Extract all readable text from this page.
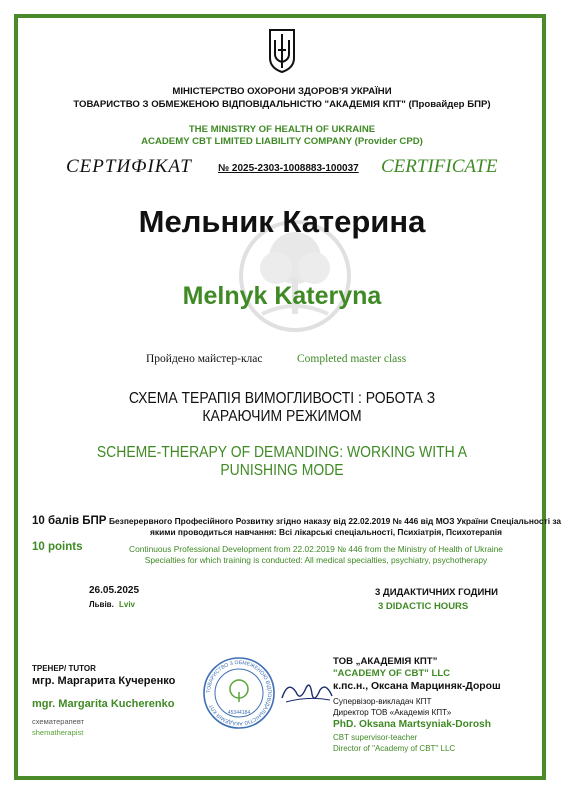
МІНІСТЕРСТВО ОХОРОНИ ЗДОРОВ'Я УКРАЇНИ
ТОВАРИСТВО З ОБМЕЖЕНОЮ ВІДПОВІДАЛЬНІСТЮ "АКАДЕМІЯ КПТ" (Провайдер БПР)
THE MINISTRY OF HEALTH OF UKRAINE
ACADEMY CBT LIMITED LIABILITY COMPANY (Provider CPD)
СЕРТИФІКАТ	№ 2025-2303-1008883-100037 CERTIFICATE
Мельник Катерина
Melnyk Kateryna
Пройдено майстер-клас	Completed master class
СХЕМА ТЕРАПІЯ ВИМОГЛИВОСТІ : РОБОТА З
КАРАЮЧИМ РЕЖИМОМ
SCHEME-THERAPY OF DEMANDING: WORKING WITH A
PUNISHING MODE
10 балів БПР Безперервного Професійного Розвитку згідно наказу від 22.02.2019 № 446 від МОЗ України Спеціальності за
якими проводиться навчання: Всі лікарські спеціальності, Психіатрія, Психотерапія
10 points	Continuous Professional Development from 22.02.2019 № 446 from the Ministry of Health of Ukraine
Specialties for which training is conducted: All medical specialties, psychiatry, psychotherapy
26.05.2025
Львів. Lviv
3 ДИДАКТИЧНИХ ГОДИНИ
3 DIDACTIC HOURS
ТРЕНЕР/ TUTOR
мгр. Маргарита Кучеренко
mgr. Margarita Kucherenko
схематерапевт
shematherapist
ТОВАРИСТВО З ОБМЕЖЕНОЮ ВІДПОВІДАЛЬНІСТЮ АКАДЕМІЯ КПТ
45344184
ТОВ „АКАДЕМІЯ КПТ”
"ACADEMY OF CBT" LLC
к.пс.н., Оксана Марциняк-Дорош
Супервізор-викладач КПТ
Директор ТОВ «Академія КПТ»
PhD. Oksana Martsyniak-Dorosh
CBT supervisor-teacher
Director of "Academy of CBT" LLC
